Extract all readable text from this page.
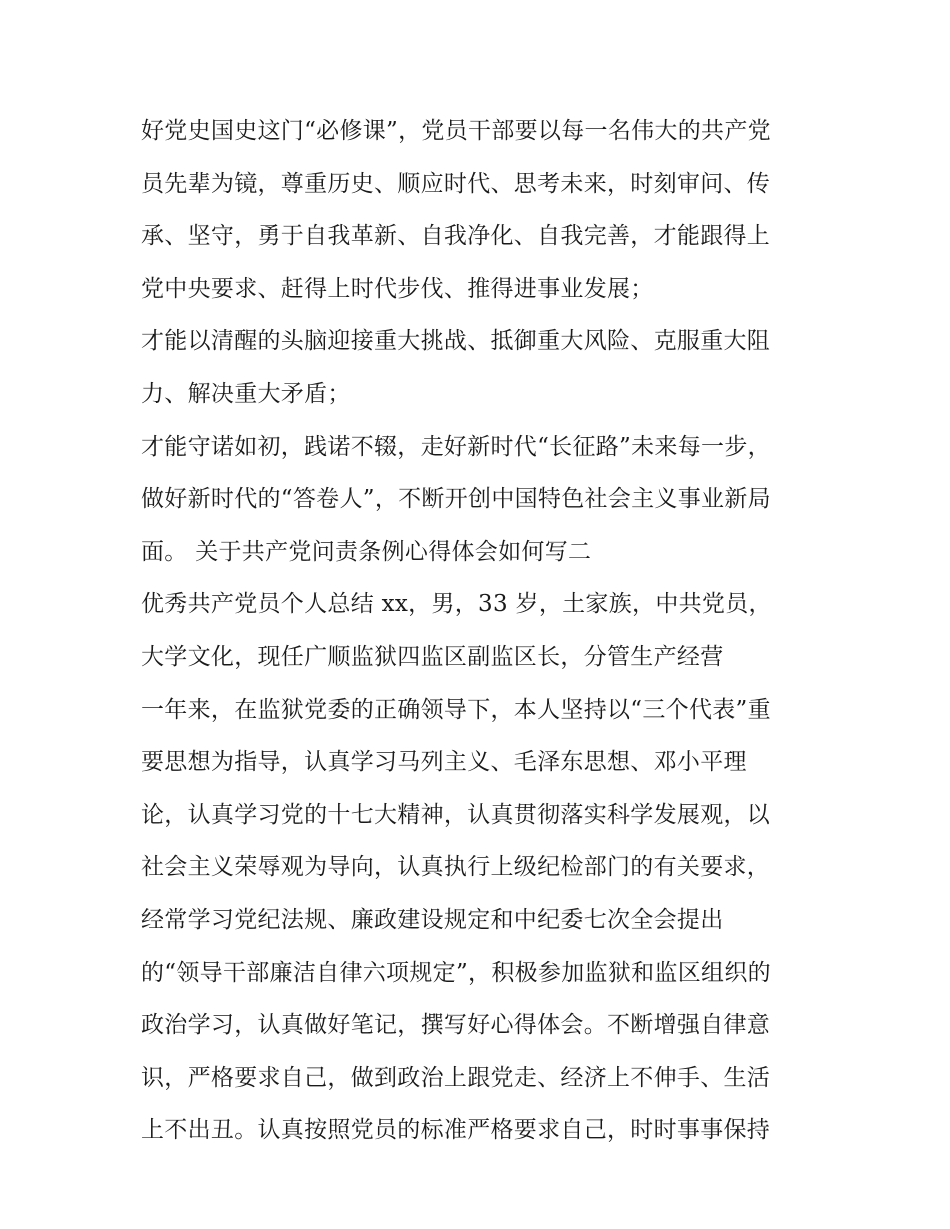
好党史国史这门“必修课”，党员干部要以每一名伟大的共产党
员先辈为镜，尊重历史、顺应时代、思考未来，时刻审问、传
承、坚守，勇于自我革新、自我净化、自我完善，才能跟得上
党中央要求、赶得上时代步伐、推得进事业发展；
才能以清醒的头脑迎接重大挑战、抵御重大风险、克服重大阻
力、解决重大矛盾；
才能守诺如初，践诺不辍，走好新时代“长征路”未来每一步，
做好新时代的“答卷人”，不断开创中国特色社会主义事业新局
面。 关于共产党问责条例心得体会如何写二
优秀共产党员个人总结 xx，男，33 岁，土家族，中共党员，
大学文化，现任广顺监狱四监区副监区长，分管生产经营
一年来，在监狱党委的正确领导下，本人坚持以“三个代表”重
要思想为指导，认真学习马列主义、毛泽东思想、邓小平理
论，认真学习党的十七大精神，认真贯彻落实科学发展观，以
社会主义荣辱观为导向，认真执行上级纪检部门的有关要求，
经常学习党纪法规、廉政建设规定和中纪委七次全会提出
的“领导干部廉洁自律六项规定”，积极参加监狱和监区组织的
政治学习，认真做好笔记，撰写好心得体会。不断增强自律意
识，严格要求自己，做到政治上跟党走、经济上不伸手、生活
上不出丑。认真按照党员的标准严格要求自己，时时事事保持
